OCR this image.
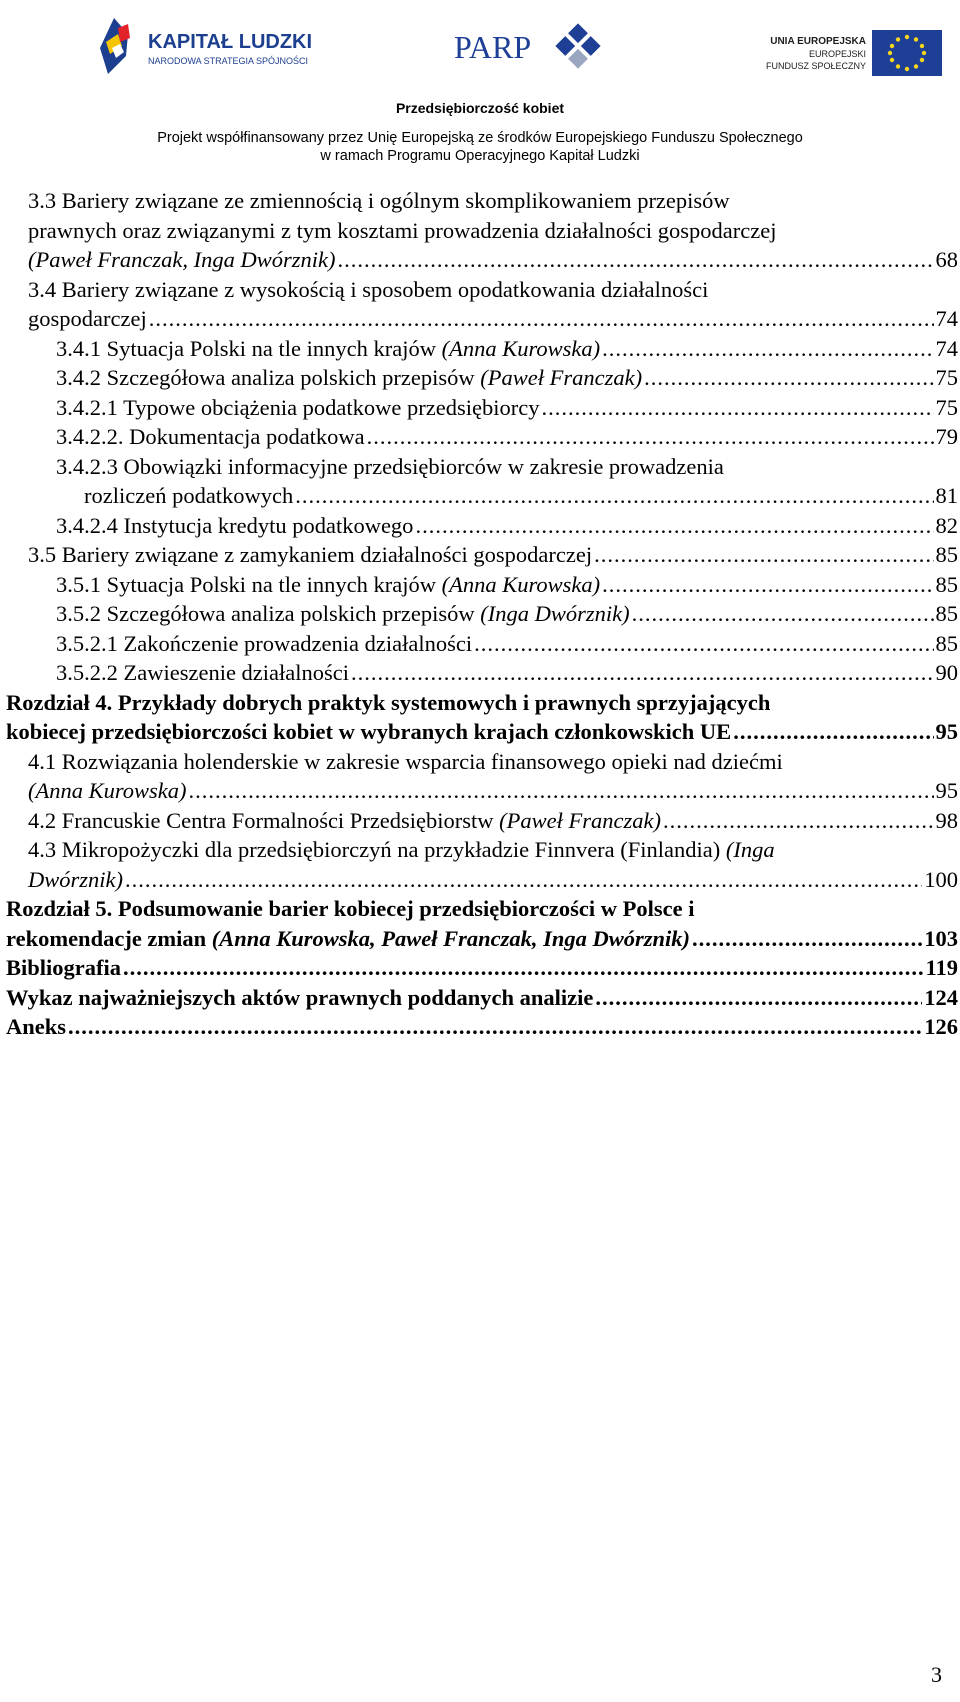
KAPITAŁ LUDZKI
NARODOWA STRATEGIA SPÓJNOŚCI	PARP	UNIA EUROPEJSKA
EUROPEJSKI
FUNDUSZ SPOŁECZNY
Przedsiębiorczość kobiet
Projekt współfinansowany przez Unię Europejską ze środków Europejskiego Funduszu Społecznego
w ramach Programu Operacyjnego Kapitał Ludzki
3.3 Bariery związane ze zmiennością i ogólnym skomplikowaniem przepisów
prawnych oraz związanymi z tym kosztami prowadzenia działalności gospodarczej
(Paweł Franczak, Inga Dwórznik) .....	68
3.4 Bariery związane z wysokością i sposobem opodatkowania działalności
gospodarczej .....	74
3.4.1 Sytuacja Polski na tle innych krajów (Anna Kurowska) .....	74
3.4.2 Szczegółowa analiza polskich przepisów (Paweł Franczak) .....	75
3.4.2.1 Typowe obciążenia podatkowe przedsiębiorcy .....	75
3.4.2.2. Dokumentacja podatkowa .....	79
3.4.2.3 Obowiązki informacyjne przedsiębiorców w zakresie prowadzenia
rozliczeń podatkowych .....	81
3.4.2.4 Instytucja kredytu podatkowego .....	82
3.5 Bariery związane z zamykaniem działalności gospodarczej .....	85
3.5.1 Sytuacja Polski na tle innych krajów (Anna Kurowska) .....	85
3.5.2 Szczegółowa analiza polskich przepisów (Inga Dwórznik) .....	85
3.5.2.1 Zakończenie prowadzenia działalności .....	85
3.5.2.2 Zawieszenie działalności .....	90
Rozdział 4. Przykłady dobrych praktyk systemowych i prawnych sprzyjających
kobiecej przedsiębiorczości kobiet w wybranych krajach członkowskich UE .....	95
4.1 Rozwiązania holenderskie w zakresie wsparcia finansowego opieki nad dziećmi
(Anna Kurowska) .....	95
4.2 Francuskie Centra Formalności Przedsiębiorstw (Paweł Franczak) .....	98
4.3 Mikropożyczki dla przedsiębiorczyń na przykładzie Finnvera (Finlandia) (Inga
Dwórznik) .....	100
Rozdział 5. Podsumowanie barier kobiecej przedsiębiorczości w Polsce i
rekomendacje zmian (Anna Kurowska, Paweł Franczak, Inga Dwórznik) .....	103
Bibliografia .....	119
Wykaz najważniejszych aktów prawnych poddanych analizie .....	124
Aneks .....	126
3
